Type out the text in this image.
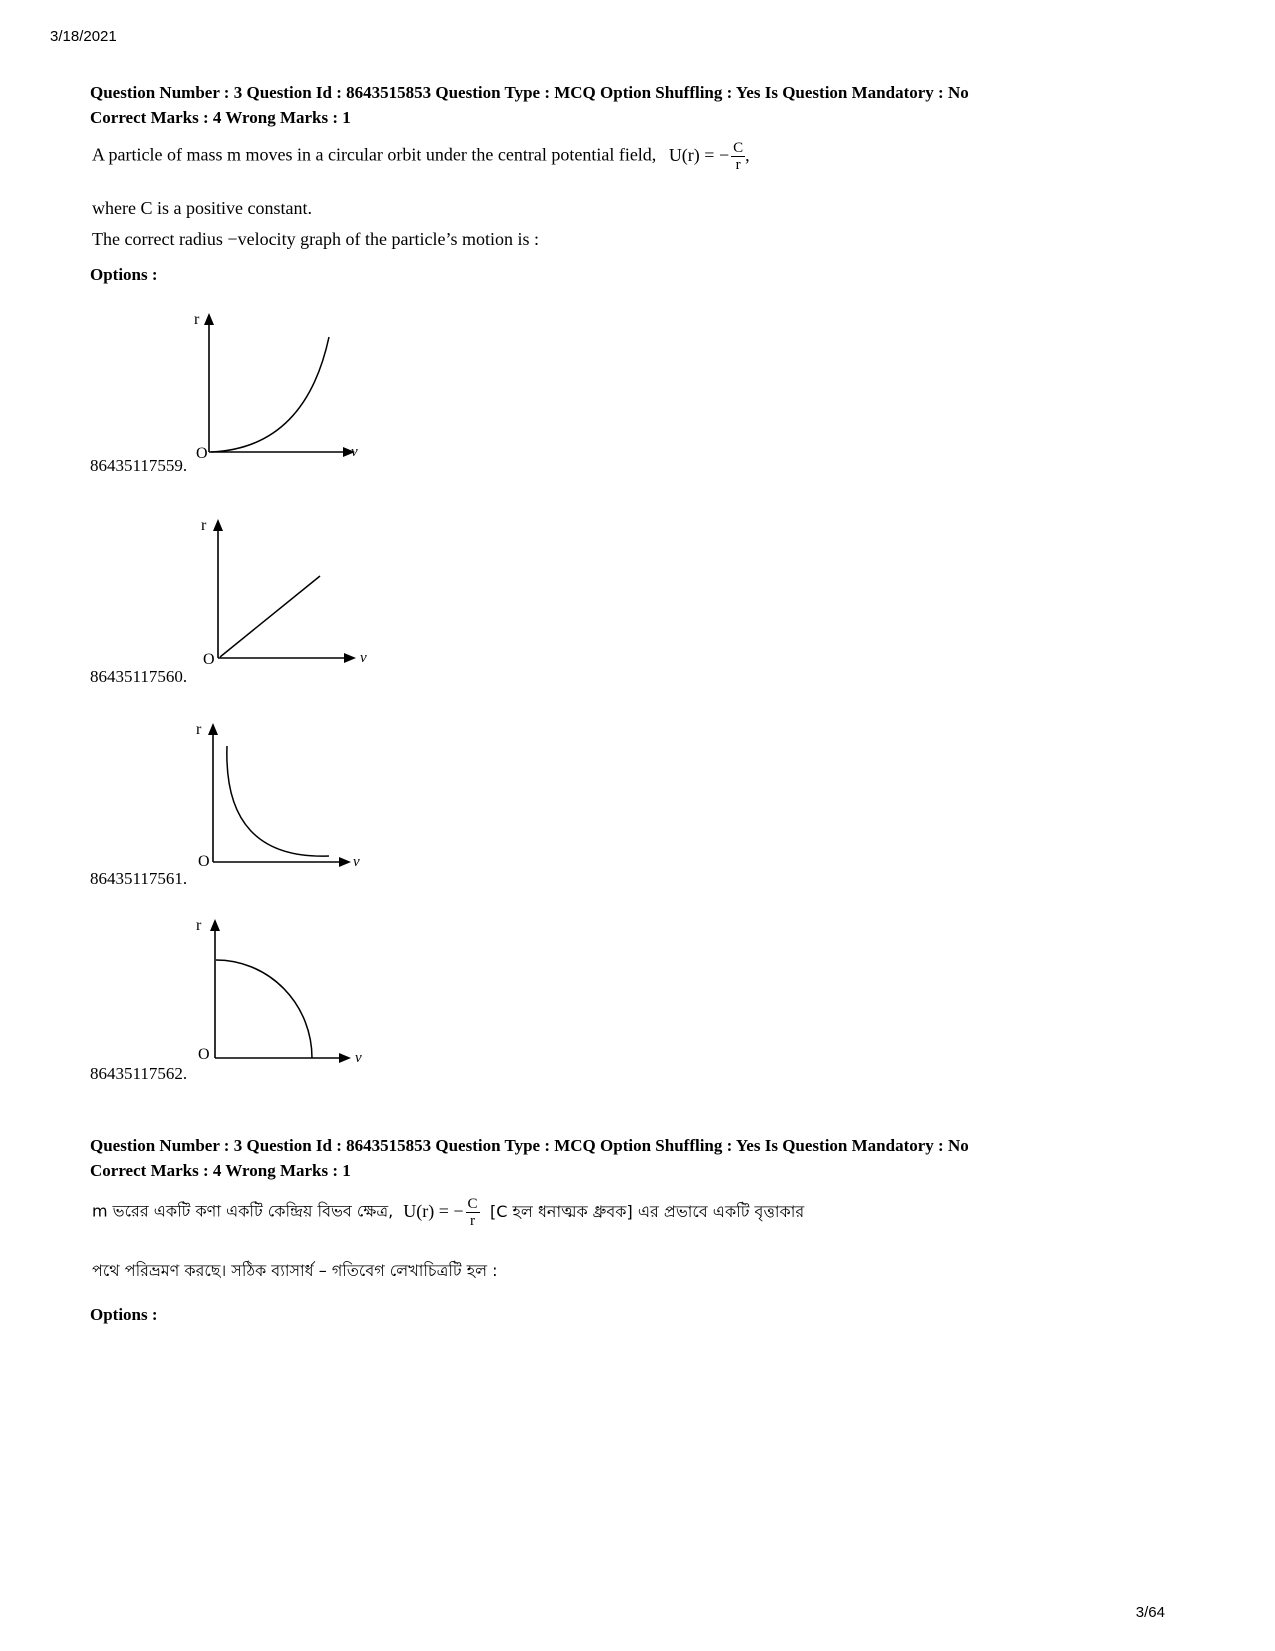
3/18/2021
Question Number : 3 Question Id : 8643515853 Question Type : MCQ Option Shuffling : Yes Is Question Mandatory : No
Correct Marks : 4 Wrong Marks : 1
A particle of mass m moves in a circular orbit under the central potential field, U(r) = − $\frac{C}{r}$ ,
where C is a positive constant.
The correct radius −velocity graph of the particle’s motion is :
Options :
86435117559.
r
O	v
86435117560.
r
O	v
86435117561.
r
O	v
86435117562.
r
O	v
Question Number : 3 Question Id : 8643515853 Question Type : MCQ Option Shuffling : Yes Is Question Mandatory : No
Correct Marks : 4 Wrong Marks : 1
m ভরের একটি কণা একটি কেন্দ্রিয় বিভব ক্ষেত্র, U(r) = − $\frac{C}{r} [C$ হল ধনাত্মক ধ্রুবক] এর প্রভাবে একটি বৃত্তাকার
পথে পরিভ্রমণ করছে। সঠিক ব্যাসার্ধ – গতিবেগ লেখাচিত্রটি হল :
Options :
3/64
